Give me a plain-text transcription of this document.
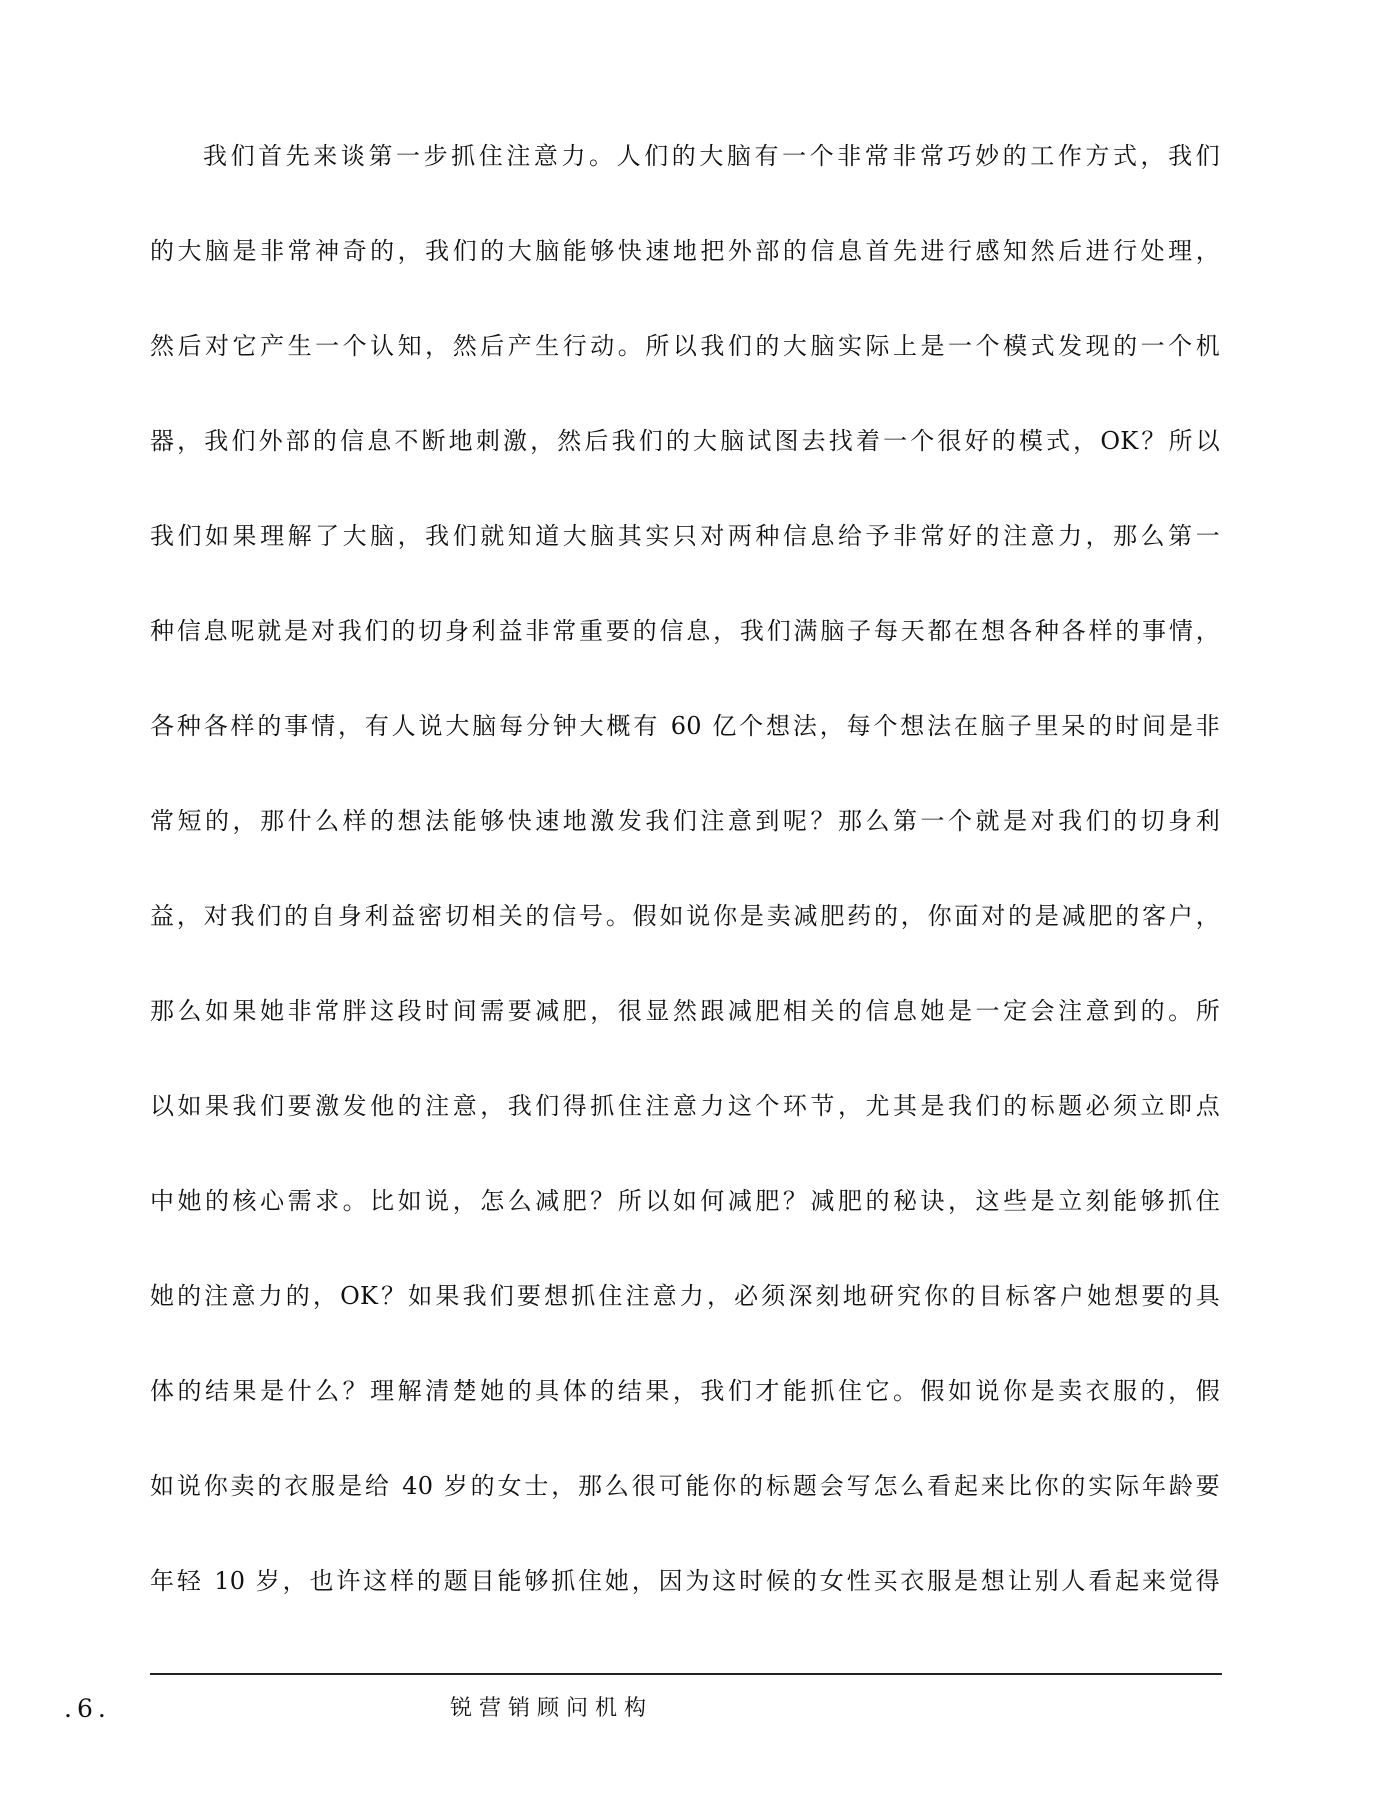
我们首先来谈第一步抓住注意力。人们的大脑有一个非常非常巧妙的工作方式，我们
的大脑是非常神奇的，我们的大脑能够快速地把外部的信息首先进行感知然后进行处理，
然后对它产生一个认知，然后产生行动。所以我们的大脑实际上是一个模式发现的一个机
器，我们外部的信息不断地刺激，然后我们的大脑试图去找着一个很好的模式，OK？所以
我们如果理解了大脑，我们就知道大脑其实只对两种信息给予非常好的注意力，那么第一
种信息呢就是对我们的切身利益非常重要的信息，我们满脑子每天都在想各种各样的事情，
各种各样的事情，有人说大脑每分钟大概有 60 亿个想法，每个想法在脑子里呆的时间是非
常短的，那什么样的想法能够快速地激发我们注意到呢？那么第一个就是对我们的切身利
益，对我们的自身利益密切相关的信号。假如说你是卖减肥药的，你面对的是减肥的客户，
那么如果她非常胖这段时间需要减肥，很显然跟减肥相关的信息她是一定会注意到的。所
以如果我们要激发他的注意，我们得抓住注意力这个环节，尤其是我们的标题必须立即点
中她的核心需求。比如说，怎么减肥？所以如何减肥？减肥的秘诀，这些是立刻能够抓住
她的注意力的，OK？如果我们要想抓住注意力，必须深刻地研究你的目标客户她想要的具
体的结果是什么？理解清楚她的具体的结果，我们才能抓住它。假如说你是卖衣服的，假
如说你卖的衣服是给 40 岁的女士，那么很可能你的标题会写怎么看起来比你的实际年龄要
年轻 10 岁，也许这样的题目能够抓住她，因为这时候的女性买衣服是想让别人看起来觉得
.6.	锐营销顾问机构
